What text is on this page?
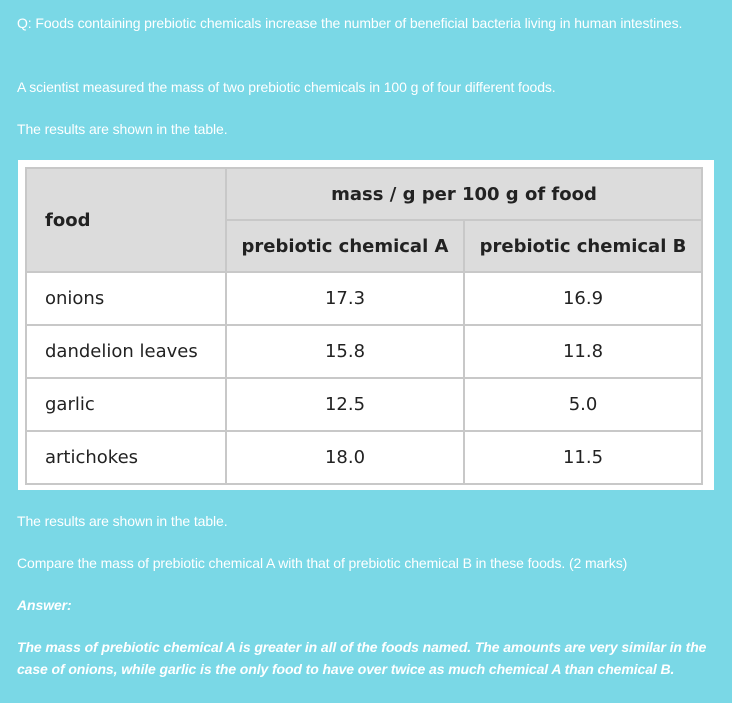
Q: Foods containing prebiotic chemicals increase the number of beneficial bacteria living in human intestines.

A scientist measured the mass of two prebiotic chemicals in 100 g of four different foods.

The results are shown in the table.

food	mass / g per 100 g of food	
	prebiotic chemical A	prebiotic chemical B
onions	17.3	16.9
dandelion leaves	15.8	11.8
garlic	12.5	5.0
artichokes	18.0	11.5

The results are shown in the table.

Compare the mass of prebiotic chemical A with that of prebiotic chemical B in these foods. (2 marks)

Answer:

The mass of prebiotic chemical A is greater in all of the foods named. The amounts are very similar in the case of onions, while garlic is the only food to have over twice as much chemical A than chemical B.
